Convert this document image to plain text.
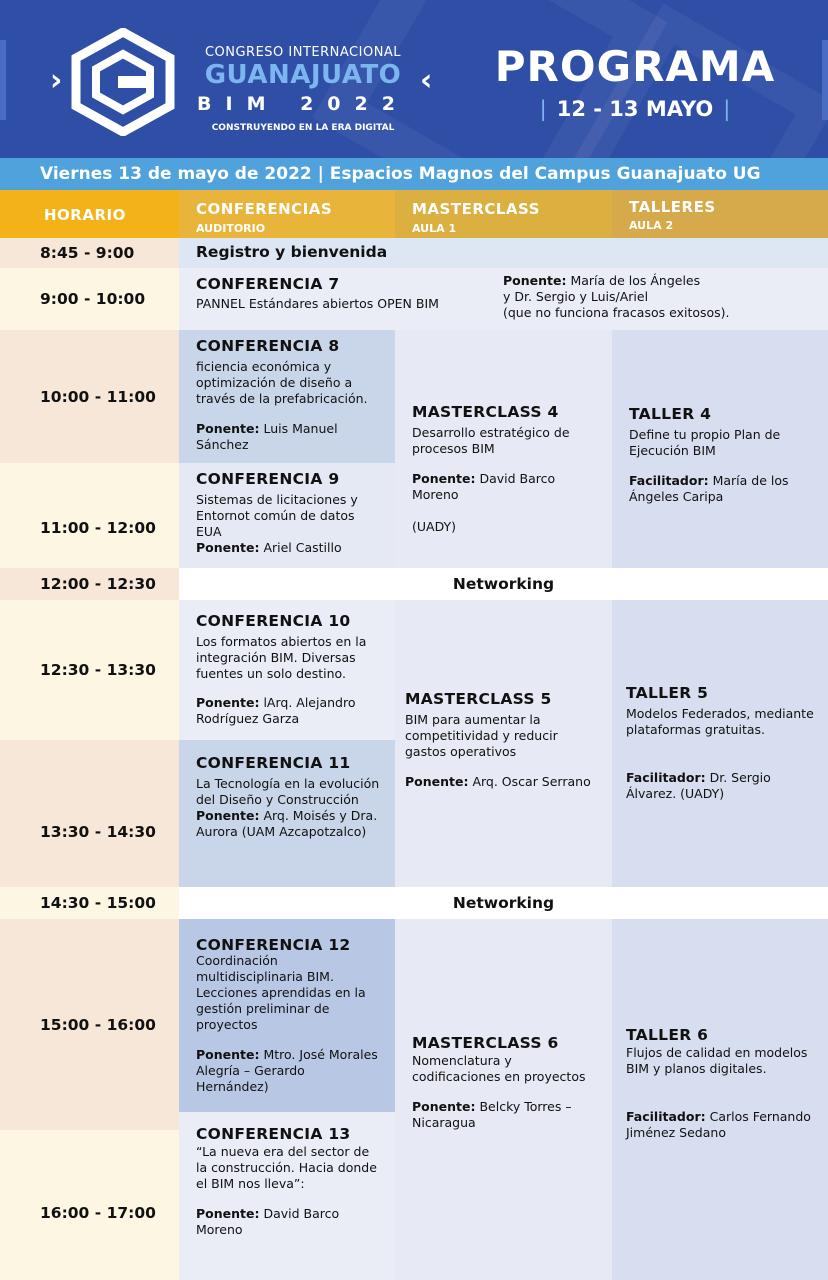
›	‹
CONGRESO INTERNACIONAL
GUANAJUATO
BIM 2022
CONSTRUYENDO EN LA ERA DIGITAL
PROGRAMA
| 12 - 13 MAYO |
Viernes 13 de mayo de 2022 | Espacios Magnos del Campus Guanajuato UG
HORARIO	CONFERENCIAS
AUDITORIO
MASTERCLASS
AULA 1
TALLERES
AULA 2
8:45 - 9:00
9:00 - 10:00
10:00 - 11:00
11:00 - 12:00
12:00 - 12:30
12:30 - 13:30
13:30 - 14:30
14:30 - 15:00
15:00 - 16:00
16:00 - 17:00
Registro y bienvenida
CONFERENCIA 7
PANNEL Estándares abiertos OPEN BIM
Ponente: María de los Ángeles
y Dr. Sergio y Luis/Ariel
(que no funciona fracasos exitosos).
CONFERENCIA 8
ficiencia económica y optimización de diseño a través de la prefabricación.
Ponente: Luis Manuel Sánchez
CONFERENCIA 9
Sistemas de licitaciones y Entornot común de datos EUA
Ponente: Ariel Castillo
MASTERCLASS 4
Desarrollo estratégico de procesos BIM
Ponente: David Barco Moreno
(UADY)
TALLER 4
Define tu propio Plan de Ejecución BIM
Facilitador: María de los Ángeles Caripa
Networking
CONFERENCIA 10
Los formatos abiertos en la integración BIM. Diversas fuentes un solo destino.
Ponente: lArq. Alejandro Rodríguez Garza
CONFERENCIA 11
La Tecnología en la evolución del Diseño y Construcción
Ponente: Arq. Moisés y Dra. Aurora (UAM Azcapotzalco)
MASTERCLASS 5
BIM para aumentar la competitividad y reducir gastos operativos
Ponente: Arq. Oscar Serrano
TALLER 5
Modelos Federados, mediante plataformas gratuitas.
Facilitador: Dr. Sergio Álvarez. (UADY)
Networking
CONFERENCIA 12
Coordinación multidisciplinaria BIM. Lecciones aprendidas en la gestión preliminar de proyectos
Ponente: Mtro. José Morales Alegría – Gerardo Hernández)
CONFERENCIA 13
“La nueva era del sector de la construcción. Hacia donde el BIM nos lleva”:
Ponente: David Barco Moreno
MASTERCLASS 6
Nomenclatura y codificaciones en proyectos
Ponente: Belcky Torres – Nicaragua
TALLER 6
Flujos de calidad en modelos BIM y planos digitales.
Facilitador: Carlos Fernando Jiménez Sedano
